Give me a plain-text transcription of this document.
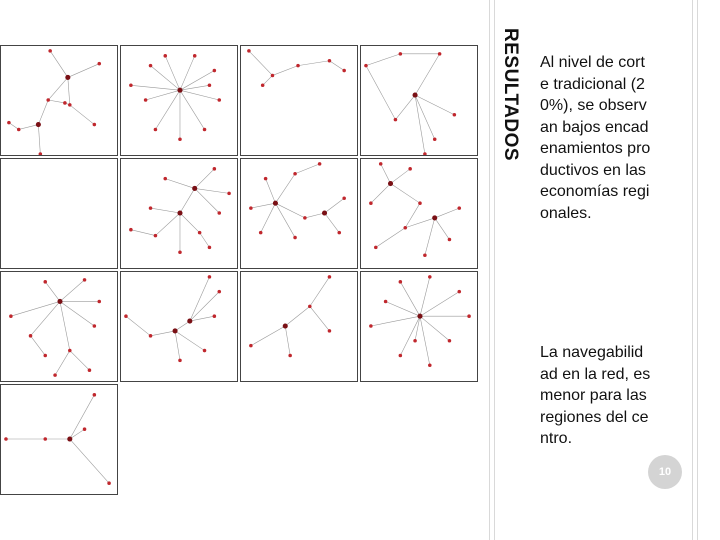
RESULTADOS Al nivel de corte tradicional (20%), se observan bajos encadenamientos productivos en las economías regionales.

La navegabilidad en la red, es menor para las regiones del centro.

10
